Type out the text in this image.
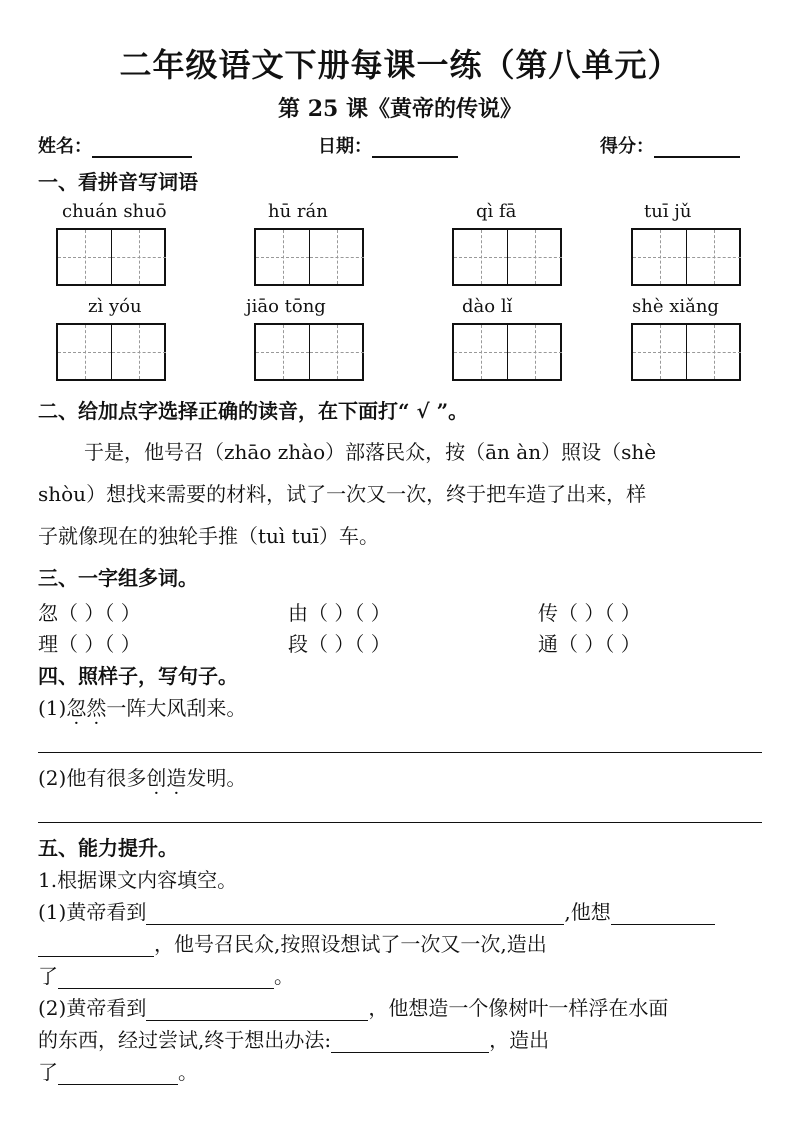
二年级语文下册每课一练（第八单元）
第 25 课《黄帝的传说》
姓名：	日期：	得分：
一、看拼音写词语
chuán shuō	hū rán	qì fā	tuī jǔ
zì yóu	jiāo tōng	dào lǐ	shè xiǎng
二、给加点字选择正确的读音，在下面打“ √ ”。
于是，他号召（zhāo zhào）部落民众，按（ān àn）照设（shè
shòu）想找来需要的材料，试了一次又一次，终于把车造了出来，样
子就像现在的独轮手推（tuì tuī）车。
三、一字组多词。
忽（ ）（ ）	由（ ）（ ）	传（ ）（ ）
理（ ）（ ）	段（ ）（ ）	通（ ）（ ）
四、照样子，写句子。
(1)忽然一阵大风刮来。
(2)他有很多创造发明。
五、能力提升。
1.根据课文内容填空。
(1)黄帝看到	,他想
，他号召民众,按照设想试了一次又一次,造出
了	。
(2)黄帝看到	，他想造一个像树叶一样浮在水面
的东西，经过尝试,终于想出办法:	，造出
了	。
